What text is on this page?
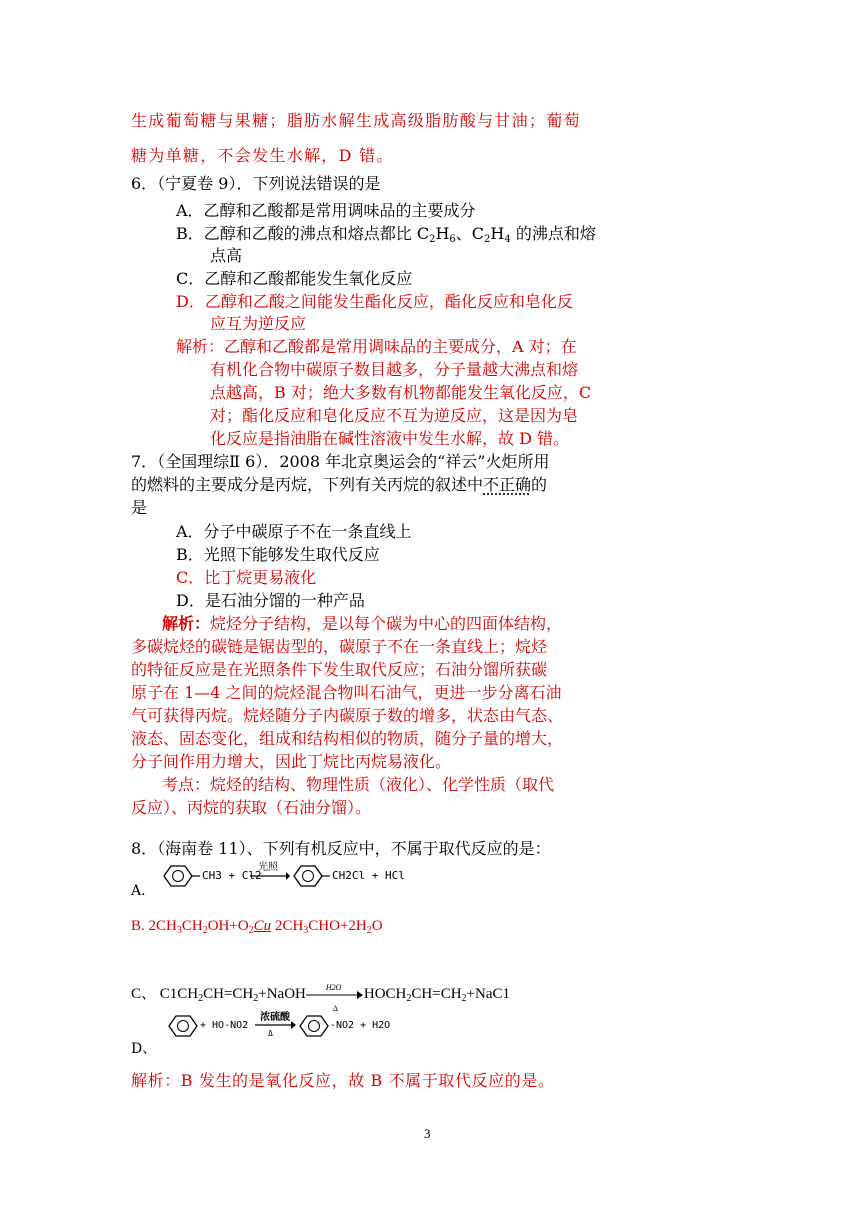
生成葡萄糖与果糖；脂肪水解生成高级脂肪酸与甘油；葡萄
糖为单糖，不会发生水解，D 错。
6．（宁夏卷 9）．下列说法错误的是
A．乙醇和乙酸都是常用调味品的主要成分
B．乙醇和乙酸的沸点和熔点都比 C2H6、C2H4 的沸点和熔
点高
C．乙醇和乙酸都能发生氧化反应
D．乙醇和乙酸之间能发生酯化反应，酯化反应和皂化反
应互为逆反应
解析：乙醇和乙酸都是常用调味品的主要成分，A 对；在
有机化合物中碳原子数目越多，分子量越大沸点和熔
点越高，B 对；绝大多数有机物都能发生氧化反应，C
对；酯化反应和皂化反应不互为逆反应，这是因为皂
化反应是指油脂在碱性溶液中发生水解，故 D 错。
7．（全国理综Ⅱ 6）．2008 年北京奥运会的“祥云”火炬所用
的燃料的主要成分是丙烷，下列有关丙烷的叙述中不正确的
是
A．分子中碳原子不在一条直线上
B．光照下能够发生取代反应
C．比丁烷更易液化
D．是石油分馏的一种产品
解析：烷烃分子结构，是以每个碳为中心的四面体结构，
多碳烷烃的碳链是锯齿型的，碳原子不在一条直线上；烷烃
的特征反应是在光照条件下发生取代反应；石油分馏所获碳
原子在 1—4 之间的烷烃混合物叫石油气，更进一步分离石油
气可获得丙烷。烷烃随分子内碳原子数的增多，状态由气态、
液态、固态变化，组成和结构相似的物质，随分子量的增大，
分子间作用力增大，因此丁烷比丙烷易液化。
考点：烷烃的结构、物理性质（液化）、化学性质（取代
反应）、丙烷的获取（石油分馏）。
8．（海南卷 11）、下列有机反应中，不属于取代反应的是：
A.
CH3 + Cl2
光照
CH2Cl + HCl
B. $2CH_3CH_2OH+O_2Cu$ $2CH_3CHO+2H_2O$
C、 $C1CH_2CH=CH_2+NaOH$	H2O
Δ
$HOCH_2CH=CH_2+NaC1$
D、
+ HO-NO2
浓硫酸
Δ
-NO2 + H2O
解析：B 发生的是氧化反应，故 B 不属于取代反应的是。
3
